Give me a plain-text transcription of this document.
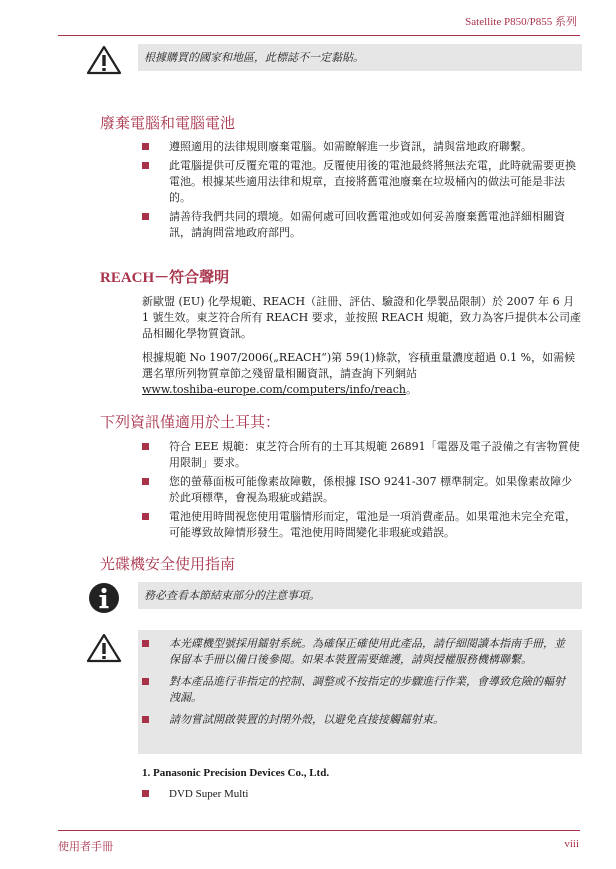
Satellite P850/P855 系列
根據購買的國家和地區，此標誌不一定黏貼。
廢棄電腦和電腦電池
遵照適用的法律規則廢棄電腦。如需瞭解進一步資訊，請與當地政府聯繫。
此電腦提供可反覆充電的電池。反覆使用後的電池最終將無法充電，此時就需要更換電池。根據某些適用法律和規章，直接將舊電池廢棄在垃圾桶內的做法可能是非法的。
請善待我們共同的環境。如需何處可回收舊電池或如何妥善廢棄舊電池詳細相關資訊，請詢問當地政府部門。
REACH－符合聲明

新歐盟 (EU) 化學規範、REACH（註冊、評估、驗證和化學製品限制）於 2007 年 6 月 1 號生效。東芝符合所有 REACH 要求，並按照 REACH 規範，致力為客戶提供本公司產品相關化學物質資訊。

根據規範 No 1907/2006(„REACH“)第 59(1)條款，容積重量濃度超過 0.1 %，如需候選名單所列物質章節之殘留量相關資訊，請查詢下列網站
www.toshiba-europe.com/computers/info/reach。

下列資訊僅適用於土耳其：
符合 EEE 規範：東芝符合所有的土耳其規範 26891「電器及電子設備之有害物質使用限制」要求。
您的螢幕面板可能像素故障數，係根據 ISO 9241-307 標準制定。如果像素故障少於此項標準，會視為瑕疵或錯誤。
電池使用時間視您使用電腦情形而定，電池是一項消費產品。如果電池未完全充電，可能導致故障情形發生。電池使用時間變化非瑕疵或錯誤。
光碟機安全使用指南
務必查看本節結束部分的注意事項。
本光碟機型號採用鐳射系統。為確保正確使用此產品，請仔細閱讀本指南手冊，並保留本手冊以備日後參閱。如果本裝置需要維護，請與授權服務機構聯繫。
對本產品進行非指定的控制、調整或不按指定的步驟進行作業，會導致危險的輻射洩漏。
請勿嘗試開啟裝置的封閉外殼，以避免直接接觸鐳射束。
1. Panasonic Precision Devices Co., Ltd.
DVD Super Multi
使用者手冊	viii
